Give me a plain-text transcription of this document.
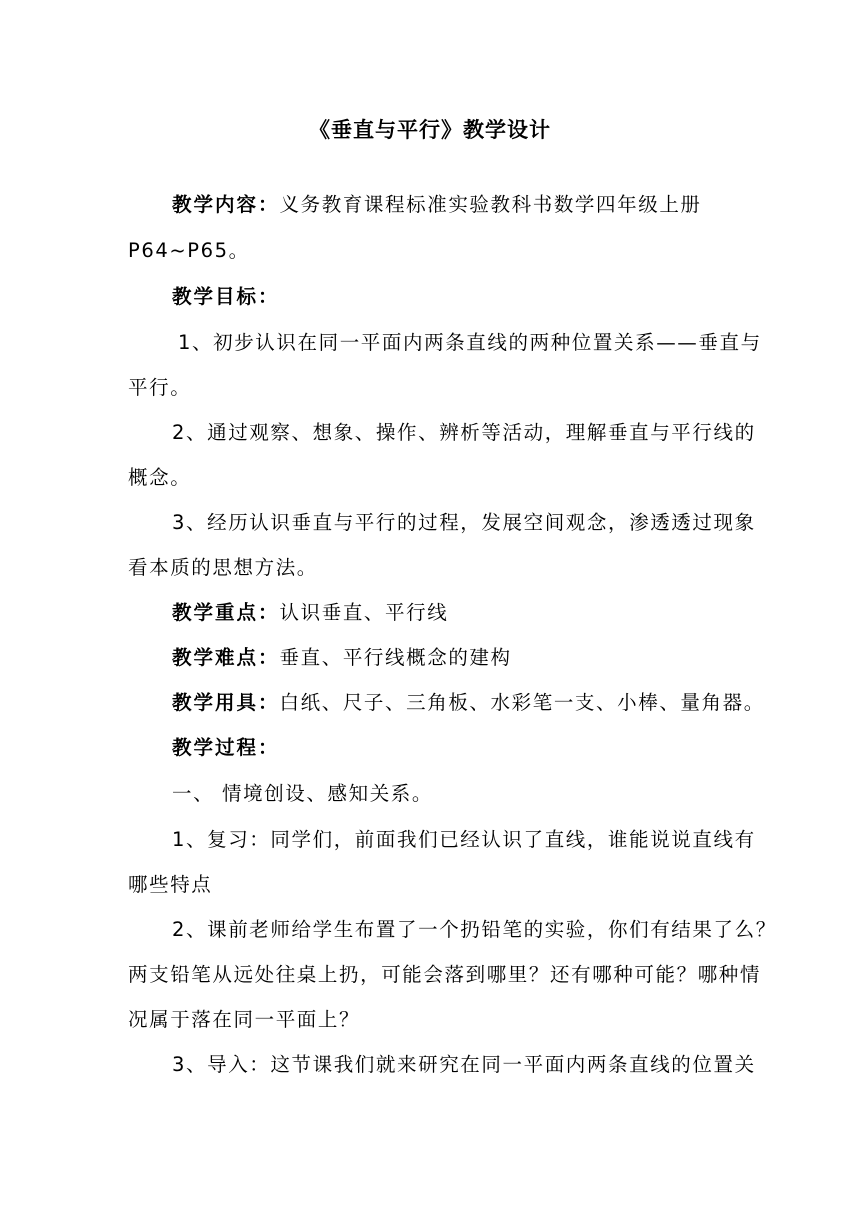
《垂直与平行》教学设计
教学内容：义务教育课程标准实验教科书数学四年级上册
P64~P65。
教学目标：
1、初步认识在同一平面内两条直线的两种位置关系——垂直与
平行。
2、通过观察、想象、操作、辨析等活动，理解垂直与平行线的
概念。
3、经历认识垂直与平行的过程，发展空间观念，渗透透过现象
看本质的思想方法。
教学重点：认识垂直、平行线
教学难点：垂直、平行线概念的建构
教学用具：白纸、尺子、三角板、水彩笔一支、小棒、量角器。
教学过程：
一、 情境创设、感知关系。
1、复习：同学们，前面我们已经认识了直线，谁能说说直线有
哪些特点
2、课前老师给学生布置了一个扔铅笔的实验，你们有结果了么？
两支铅笔从远处往桌上扔，可能会落到哪里？还有哪种可能？哪种情
况属于落在同一平面上？
3、导入：这节课我们就来研究在同一平面内两条直线的位置关
